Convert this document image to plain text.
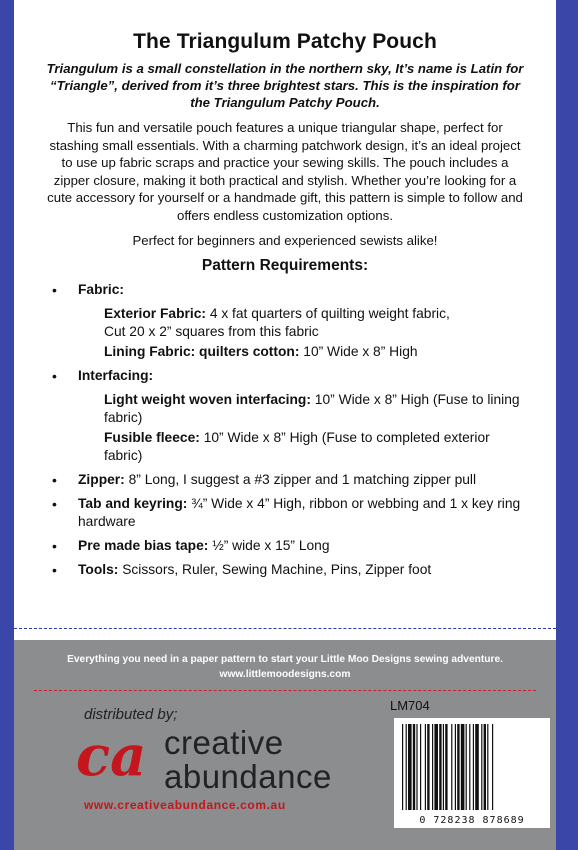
The Triangulum Patchy Pouch

Triangulum is a small constellation in the northern sky, It’s name is Latin for “Triangle”, derived from it’s three brightest stars. This is the inspiration for the Triangulum Patchy Pouch.

This fun and versatile pouch features a unique triangular shape, perfect for stashing small essentials. With a charming patchwork design, it’s an ideal project to use up fabric scraps and practice your sewing skills. The pouch includes a zipper closure, making it both practical and stylish. Whether you’re looking for a cute accessory for yourself or a handmade gift, this pattern is simple to follow and offers endless customization options.

Perfect for beginners and experienced sewists alike!

Pattern Requirements:
• Fabric:
Exterior Fabric: 4 x fat quarters of quilting weight fabric,
Cut 20 x 2” squares from this fabric
Lining Fabric: quilters cotton: 10” Wide x 8” High
• Interfacing:
Light weight woven interfacing: 10” Wide x 8” High (Fuse to lining fabric)
Fusible fleece: 10” Wide x 8” High (Fuse to completed exterior fabric)
• Zipper: 8” Long, I suggest a #3 zipper and 1 matching zipper pull
• Tab and keyring: ¾” Wide x 4” High, ribbon or webbing and 1 x key ring hardware
• Pre made bias tape: ½” wide x 15” Long
• Tools: Scissors, Ruler, Sewing Machine, Pins, Zipper foot
Everything you need in a paper pattern to start your Little Moo Designs sewing adventure.
www.littlemoodesigns.com
distributed by;
ca creative
abundance
www.creativeabundance.com.au
LM704
0 728238 878689
